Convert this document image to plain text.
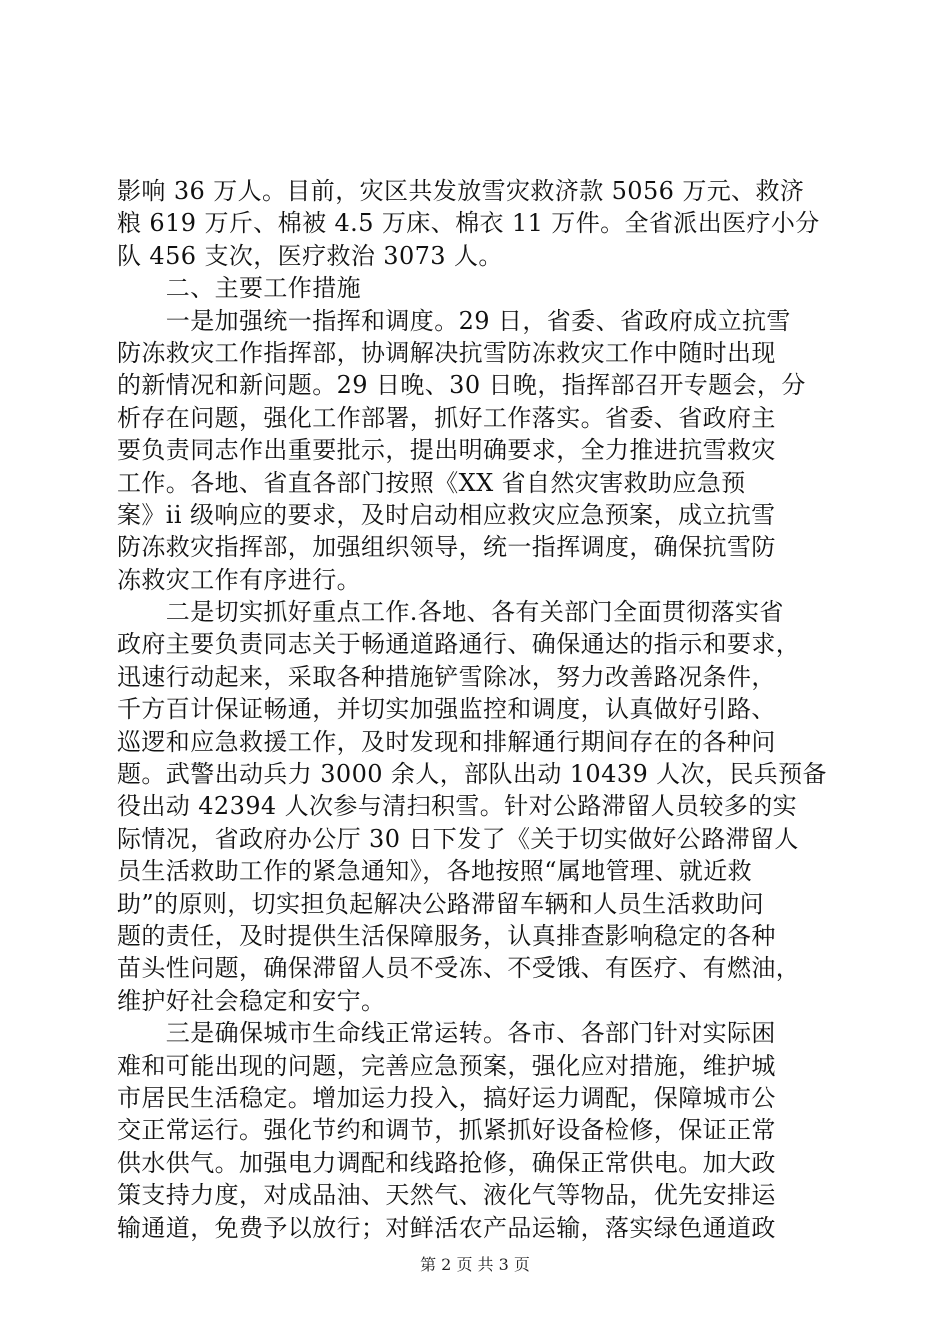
影响 36 万人。目前，灾区共发放雪灾救济款 5056 万元、救济
粮 619 万斤、棉被 4.5 万床、棉衣 11 万件。全省派出医疗小分
队 456 支次，医疗救治 3073 人。
　　二、主要工作措施
　　一是加强统一指挥和调度。29 日，省委、省政府成立抗雪
防冻救灾工作指挥部，协调解决抗雪防冻救灾工作中随时出现
的新情况和新问题。29 日晚、30 日晚，指挥部召开专题会，分
析存在问题，强化工作部署，抓好工作落实。省委、省政府主
要负责同志作出重要批示，提出明确要求，全力推进抗雪救灾
工作。各地、省直各部门按照《XX 省自然灾害救助应急预
案》ii 级响应的要求，及时启动相应救灾应急预案，成立抗雪
防冻救灾指挥部，加强组织领导，统一指挥调度，确保抗雪防
冻救灾工作有序进行。
　　二是切实抓好重点工作.各地、各有关部门全面贯彻落实省
政府主要负责同志关于畅通道路通行、确保通达的指示和要求，
迅速行动起来，采取各种措施铲雪除冰，努力改善路况条件，
千方百计保证畅通，并切实加强监控和调度，认真做好引路、
巡逻和应急救援工作，及时发现和排解通行期间存在的各种问
题。武警出动兵力 3000 余人，部队出动 10439 人次，民兵预备
役出动 42394 人次参与清扫积雪。针对公路滞留人员较多的实
际情况，省政府办公厅 30 日下发了《关于切实做好公路滞留人
员生活救助工作的紧急通知》，各地按照“属地管理、就近救
助”的原则，切实担负起解决公路滞留车辆和人员生活救助问
题的责任，及时提供生活保障服务，认真排查影响稳定的各种
苗头性问题，确保滞留人员不受冻、不受饿、有医疗、有燃油，
维护好社会稳定和安宁。
　　三是确保城市生命线正常运转。各市、各部门针对实际困
难和可能出现的问题，完善应急预案，强化应对措施，维护城
市居民生活稳定。增加运力投入，搞好运力调配，保障城市公
交正常运行。强化节约和调节，抓紧抓好设备检修，保证正常
供水供气。加强电力调配和线路抢修，确保正常供电。加大政
策支持力度，对成品油、天然气、液化气等物品，优先安排运
输通道，免费予以放行；对鲜活农产品运输，落实绿色通道政
第 2 页 共 3 页
